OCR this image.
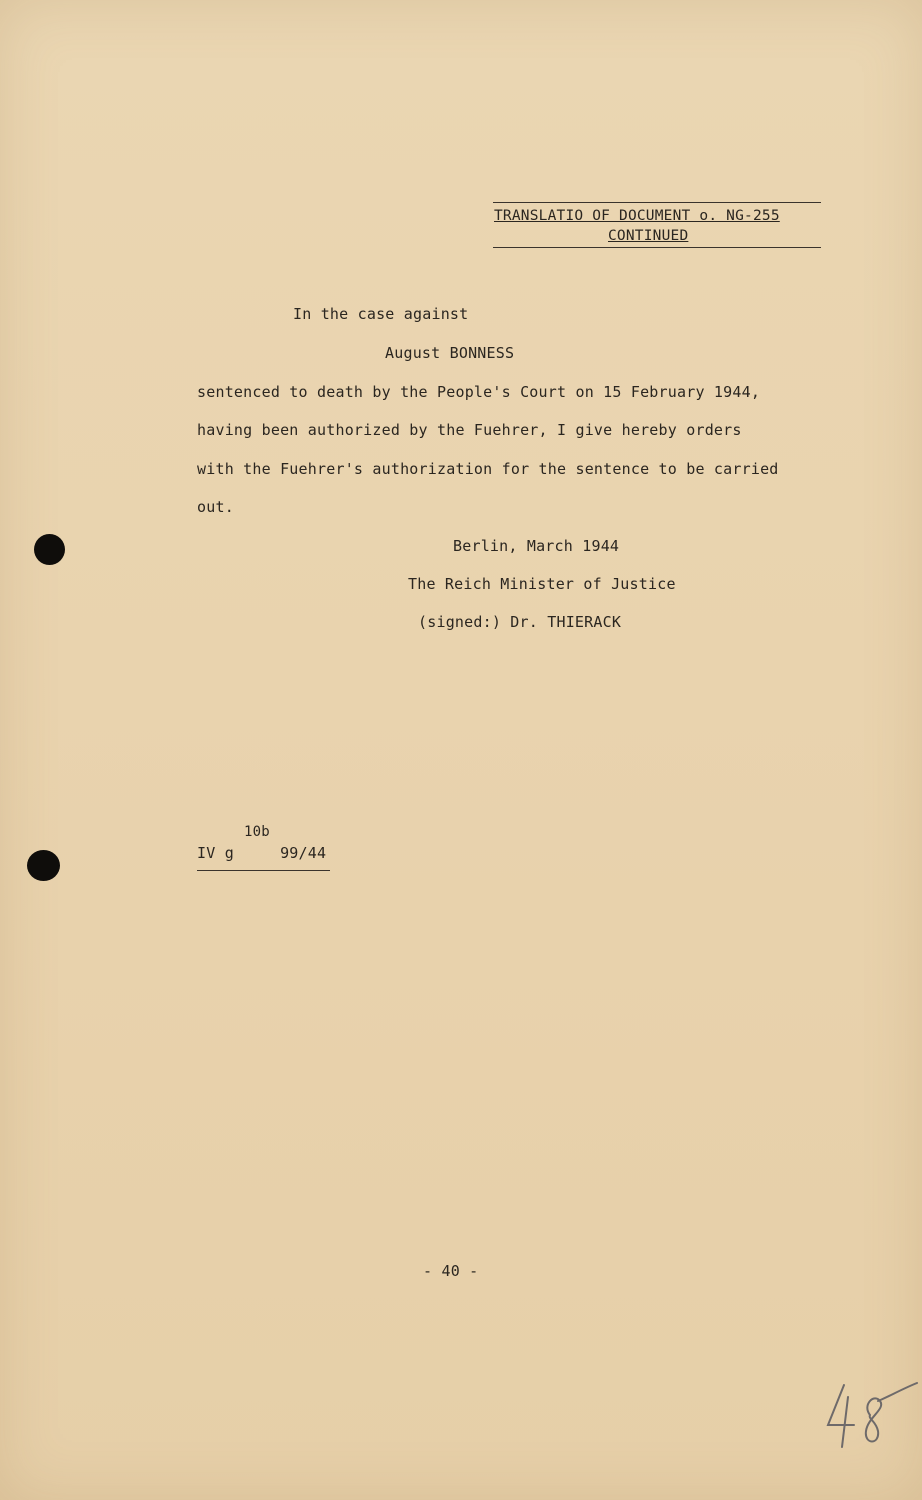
TRANSLATIO OF DOCUMENT o. NG-255
CONTINUED
In the case against
August BONNESS
sentenced to death by the People's Court on 15 February 1944,
having been authorized by the Fuehrer, I give hereby orders
with the Fuehrer's authorization for the sentence to be carried
out.
Berlin, March 1944
The Reich Minister of Justice
(signed:) Dr. THIERACK
10b
IV g     99/44
- 40 -
